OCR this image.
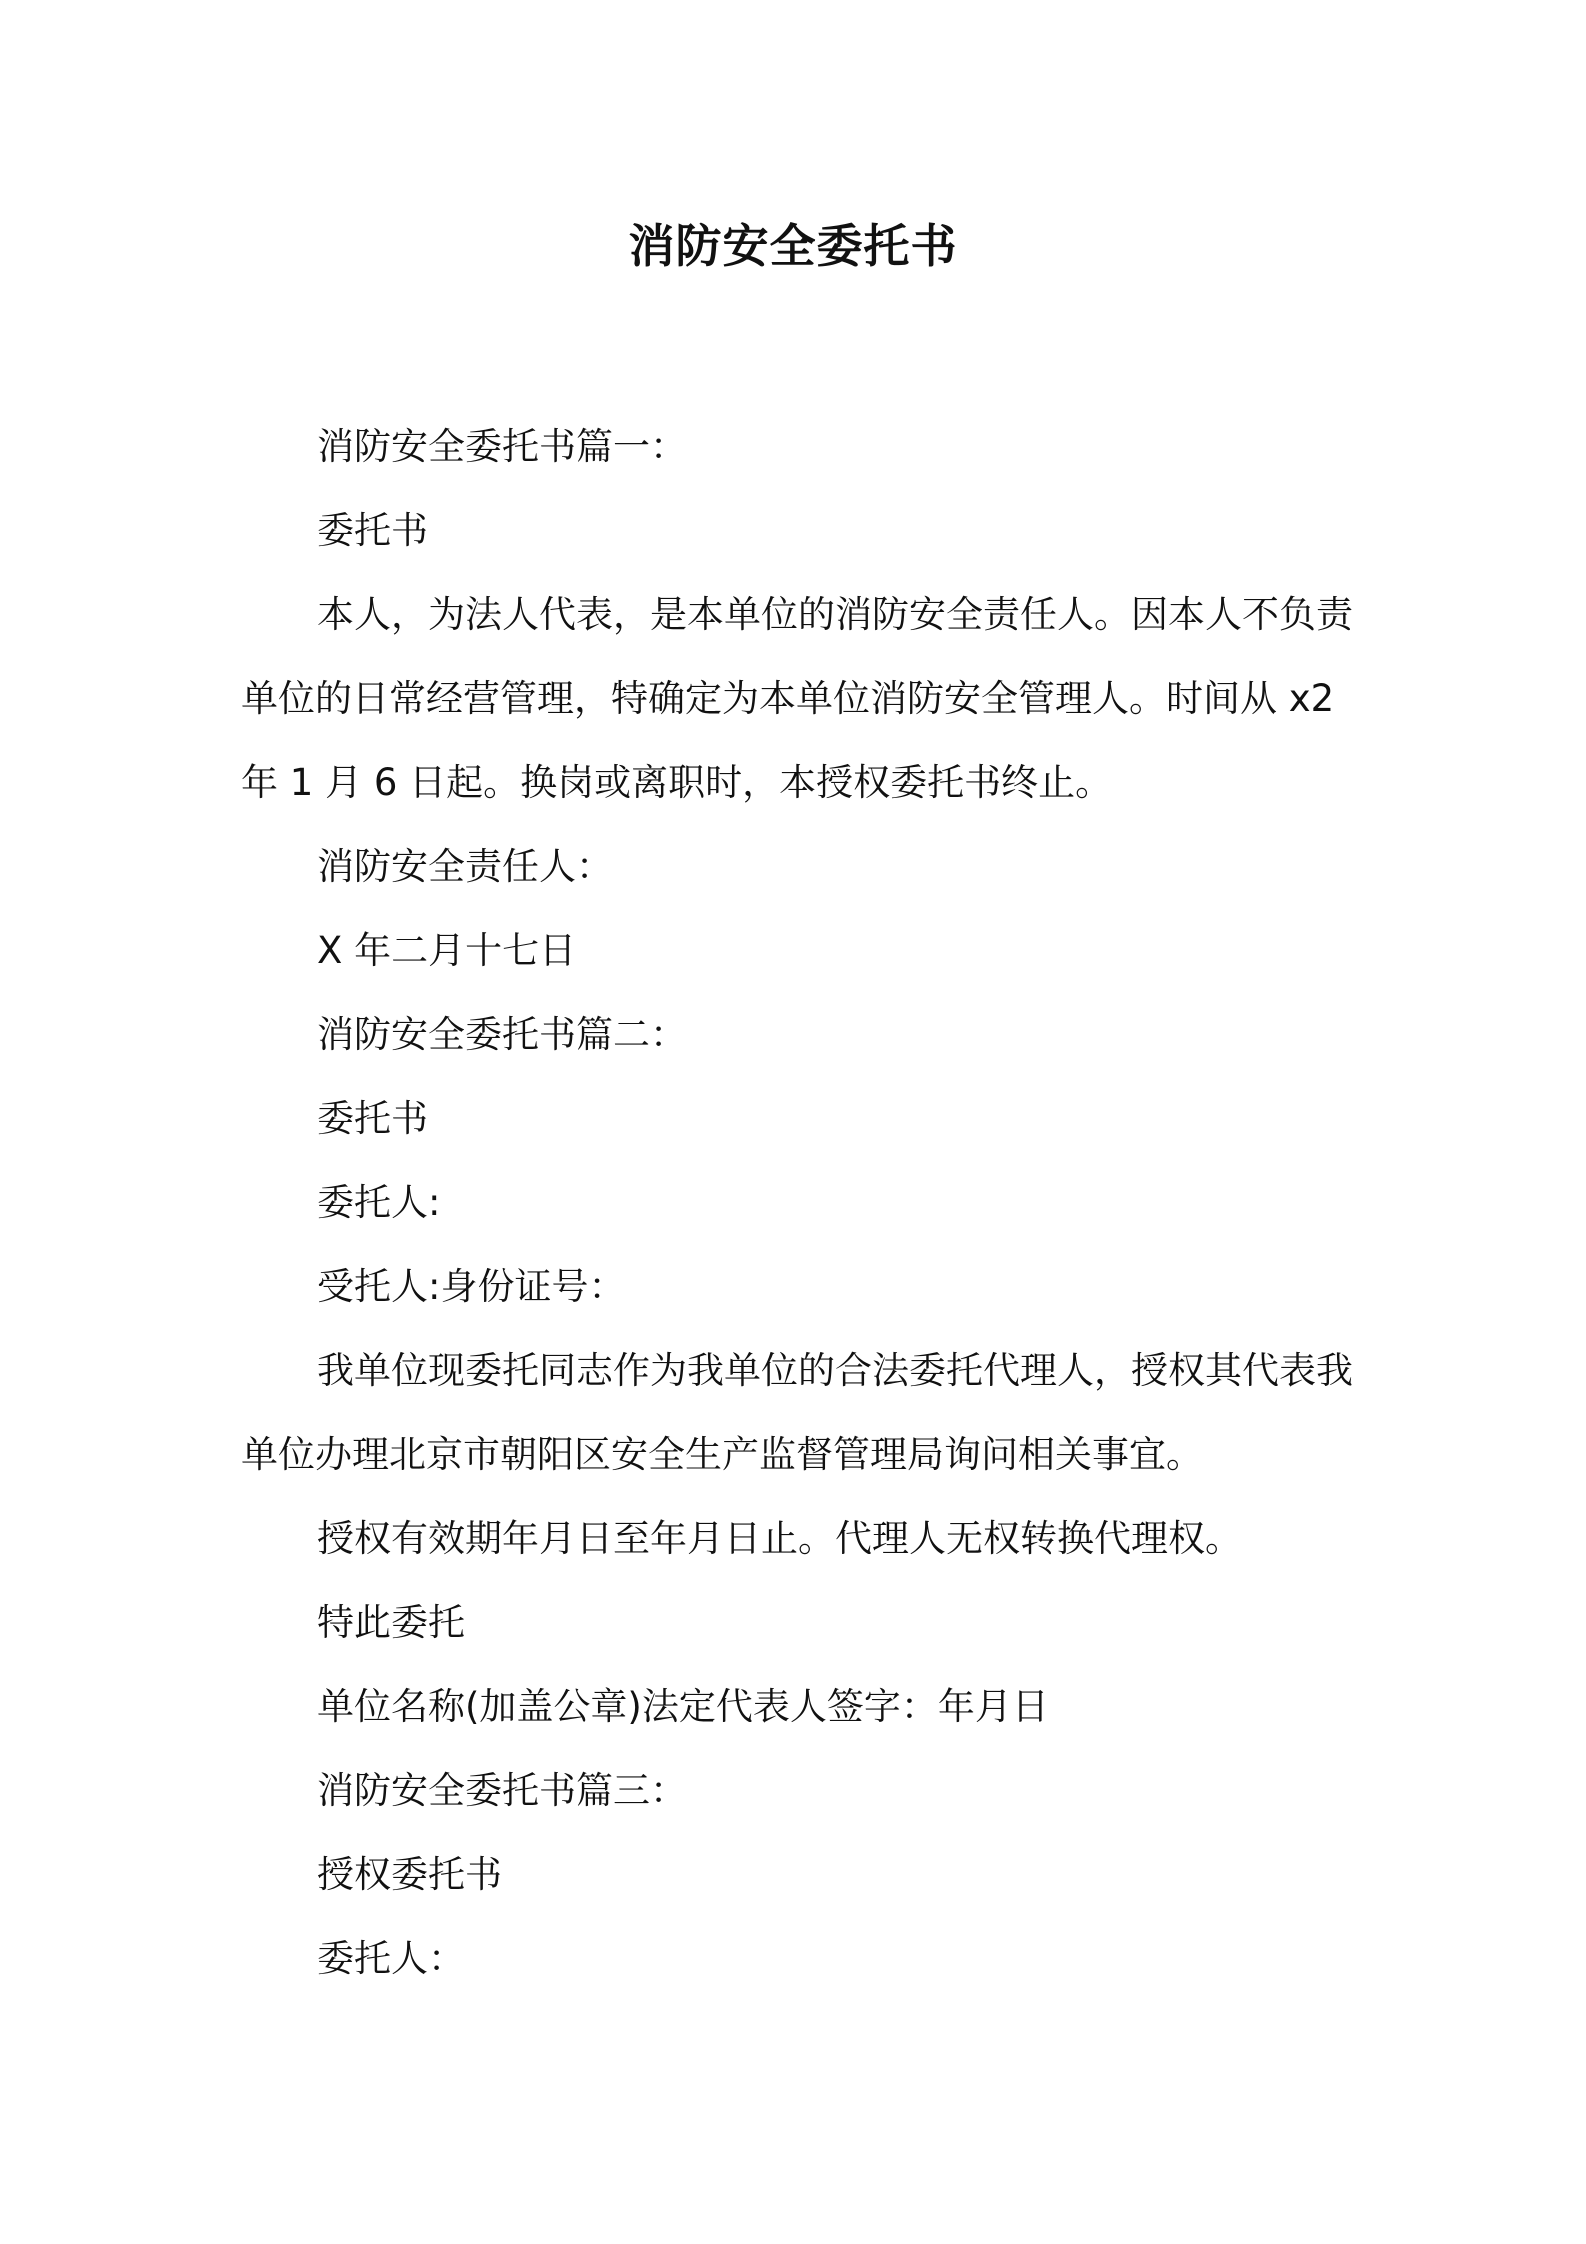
消防安全委托书

消防安全委托书篇一：

委托书

本人，为法人代表，是本单位的消防安全责任人。因本人不负责单位的日常经营管理，特确定为本单位消防安全管理人。时间从 x2 年 1 月 6 日起。换岗或离职时，本授权委托书终止。

消防安全责任人：

X 年二月十七日

消防安全委托书篇二：

委托书

委托人:

受托人:身份证号：

我单位现委托同志作为我单位的合法委托代理人，授权其代表我单位办理北京市朝阳区安全生产监督管理局询问相关事宜。

授权有效期年月日至年月日止。代理人无权转换代理权。

特此委托

单位名称(加盖公章)法定代表人签字：年月日

消防安全委托书篇三：

授权委托书

委托人：
